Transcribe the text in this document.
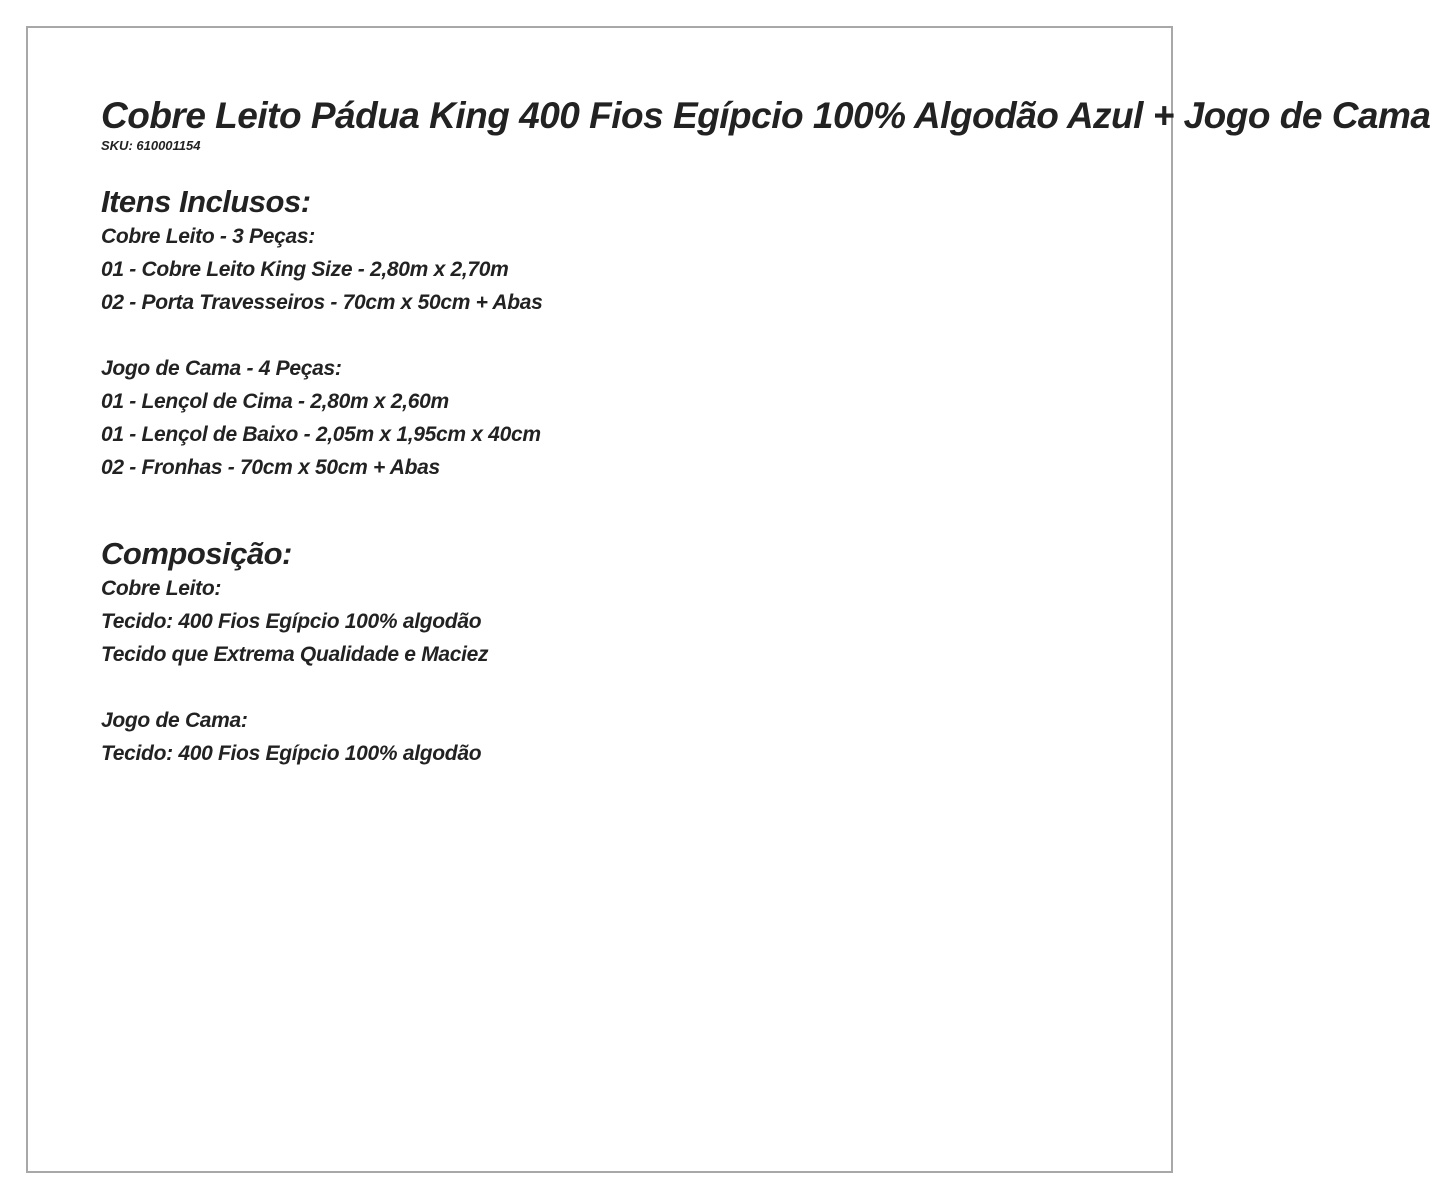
Cobre Leito Pádua King 400 Fios Egípcio 100% Algodão Azul + Jogo de Cama

SKU: 610001154

Itens Inclusos:

Cobre Leito - 3 Peças:

01 - Cobre Leito King Size - 2,80m x 2,70m

02 - Porta Travesseiros - 70cm x 50cm + Abas

Jogo de Cama - 4 Peças:

01 - Lençol de Cima - 2,80m x 2,60m

01 - Lençol de Baixo - 2,05m x 1,95cm x 40cm

02 - Fronhas - 70cm x 50cm + Abas

Composição:

Cobre Leito:

Tecido: 400 Fios Egípcio 100% algodão

Tecido que Extrema Qualidade e Maciez

Jogo de Cama:

Tecido: 400 Fios Egípcio 100% algodão
